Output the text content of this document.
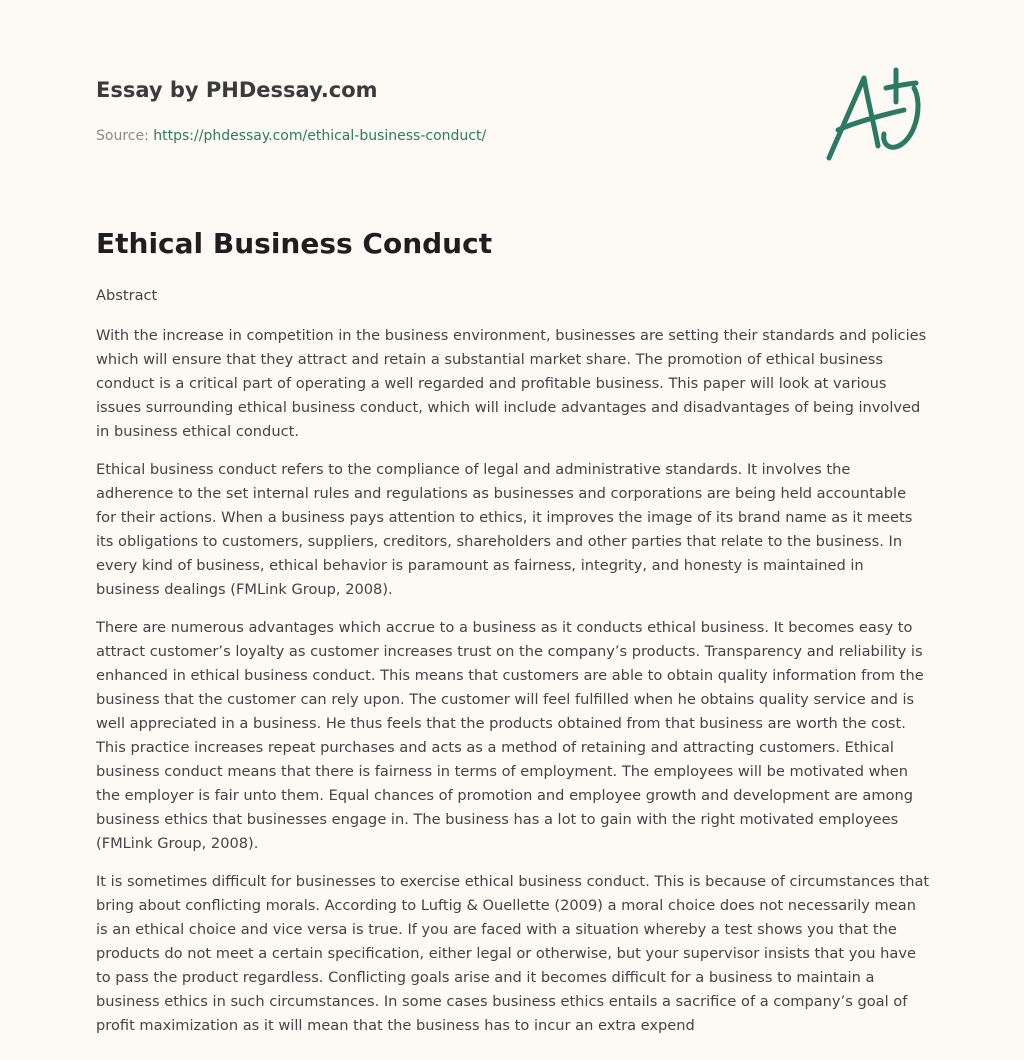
Essay by PHDessay.com

Source: https://phdessay.com/ethical-business-conduct/
Ethical Business Conduct

Abstract

With the increase in competition in the business environment, businesses are setting their standards and policies which will ensure that they attract and retain a substantial market share. The promotion of ethical business conduct is a critical part of operating a well regarded and profitable business. This paper will look at various issues surrounding ethical business conduct, which will include advantages and disadvantages of being involved in business ethical conduct.

Ethical business conduct refers to the compliance of legal and administrative standards. It involves the adherence to the set internal rules and regulations as businesses and corporations are being held accountable for their actions. When a business pays attention to ethics, it improves the image of its brand name as it meets its obligations to customers, suppliers, creditors, shareholders and other parties that relate to the business. In every kind of business, ethical behavior is paramount as fairness, integrity, and honesty is maintained in business dealings (FMLink Group, 2008).

There are numerous advantages which accrue to a business as it conducts ethical business. It becomes easy to attract customer’s loyalty as customer increases trust on the company’s products. Transparency and reliability is enhanced in ethical business conduct. This means that customers are able to obtain quality information from the business that the customer can rely upon. The customer will feel fulfilled when he obtains quality service and is well appreciated in a business. He thus feels that the products obtained from that business are worth the cost. This practice increases repeat purchases and acts as a method of retaining and attracting customers. Ethical business conduct means that there is fairness in terms of employment. The employees will be motivated when the employer is fair unto them. Equal chances of promotion and employee growth and development are among business ethics that businesses engage in. The business has a lot to gain with the right motivated employees (FMLink Group, 2008).

It is sometimes difficult for businesses to exercise ethical business conduct. This is because of circumstances that bring about conflicting morals. According to Luftig & Ouellette (2009) a moral choice does not necessarily mean is an ethical choice and vice versa is true. If you are faced with a situation whereby a test shows you that the products do not meet a certain specification, either legal or otherwise, but your supervisor insists that you have to pass the product regardless. Conflicting goals arise and it becomes difficult for a business to maintain a business ethics in such circumstances. In some cases business ethics entails a sacrifice of a company’s goal of profit maximization as it will mean that the business has to incur an extra expend
